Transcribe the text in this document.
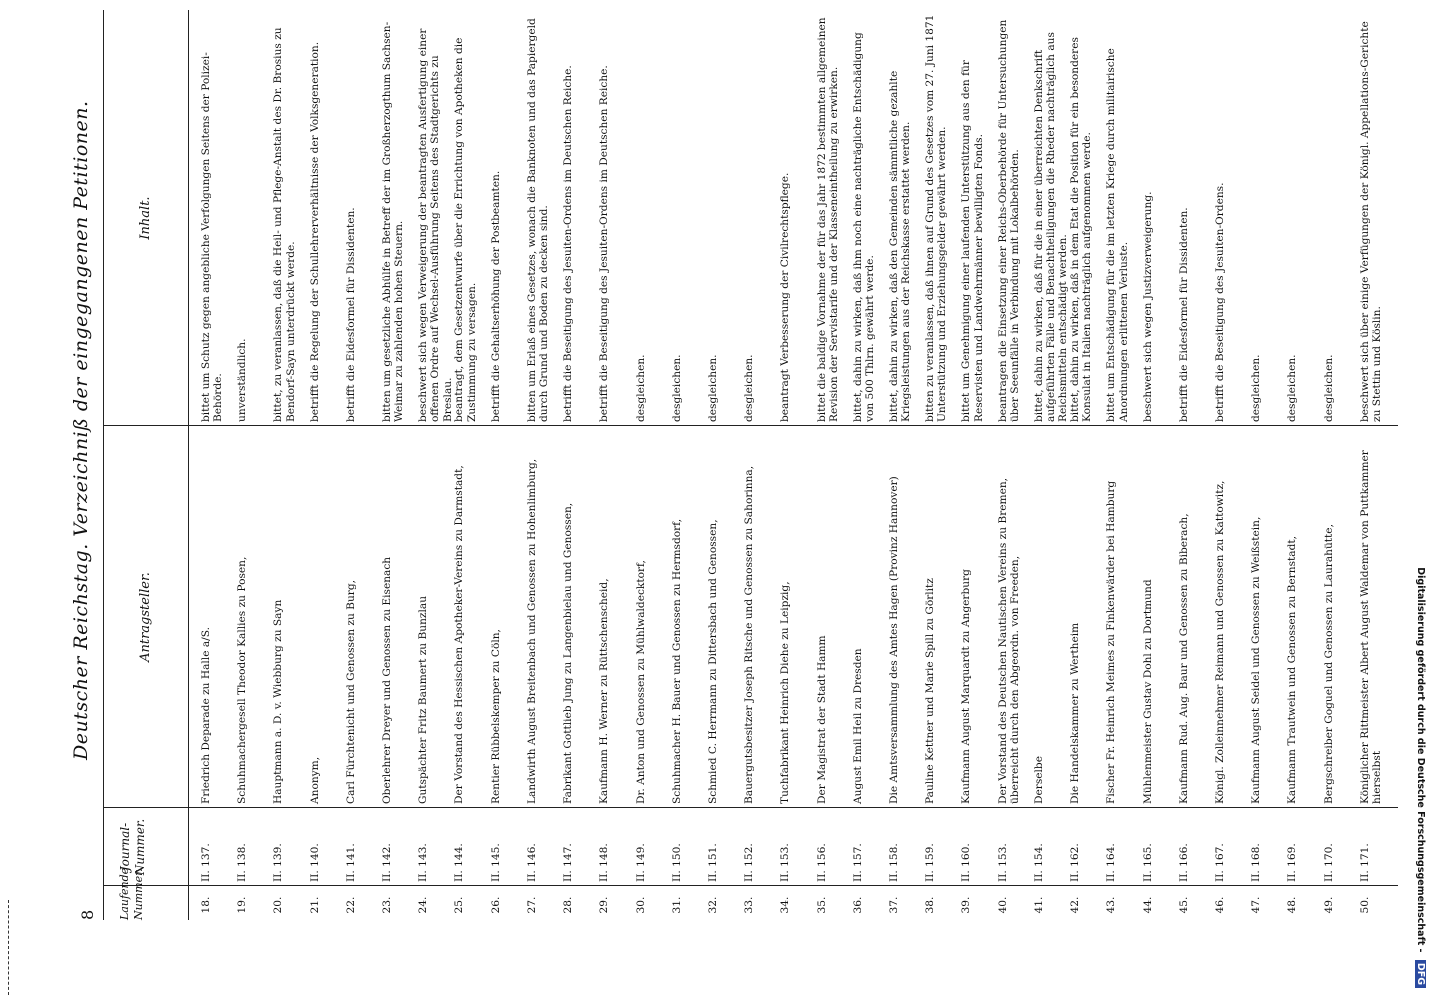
8
Deutscher Reichstag. Verzeichniß der eingegangenen Petitionen.
Laufende Nummer.
Journal-Nummer.
Antragsteller.
Inhalt.
18.
II. 137.
Friedrich Deparade zu Halle a/S.
bittet um Schutz gegen angebliche Verfolgungen Seitens der Polizei-Behörde.
19.
II. 138.
Schuhmachergesell Theodor Kallies zu Posen,
unverständlich.
20.
II. 139.
Hauptmann a. D. v. Wiebburg zu Sayn
bittet, zu veranlassen, daß die Heil- und Pflege-Anstalt des Dr. Brosius zu Bendorf-Sayn unterdrückt werde.
21.
II. 140.
Anonym,
betrifft die Regelung der Schullehrerverhältnisse der Volksgeneration.
22.
II. 141.
Carl Fürchtenicht und Genossen zu Burg,
betrifft die Eidesformel für Dissidenten.
23.
II. 142.
Oberlehrer Dreyer und Genossen zu Eisenach
bitten um gesetzliche Abhülfe in Betreff der im Großherzogthum Sachsen-Weimar zu zahlenden hohen Steuern.
24.
II. 143.
Gutspächter Fritz Baumert zu Bunzlau
beschwert sich wegen Verweigerung der beantragten Ausfertigung einer offenen Ordre auf Wechsel-Ausführung Seitens des Stadtgerichts zu Breslau.
25.
II. 144.
Der Vorstand des Hessischen Apotheker-Vereins zu Darmstadt,
beantragt, dem Gesetzentwurfe über die Errichtung von Apotheken die Zustimmung zu versagen.
26.
II. 145.
Rentier Rübbelskemper zu Cöln,
betrifft die Gehaltserhöhung der Postbeamten.
27.
II. 146.
Landwirth August Breitenbach und Genossen zu Hohenlimburg,
bitten um Erlaß eines Gesetzes, wonach die Banknoten und das Papiergeld durch Grund und Boden zu decken sind.
28.
II. 147.
Fabrikant Gottlieb Jung zu Langenbielau und Genossen,
betrifft die Beseitigung des Jesuiten-Ordens im Deutschen Reiche.
29.
II. 148.
Kaufmann H. Werner zu Rüttschenscheid,
betrifft die Beseitigung des Jesuiten-Ordens im Deutschen Reiche.
30.
II. 149.
Dr. Anton und Genossen zu Mühlwaldecktorf,
desgleichen.
31.
II. 150.
Schuhmacher H. Bauer und Genossen zu Hermsdorf,
desgleichen.
32.
II. 151.
Schmied C. Herrmann zu Dittersbach und Genossen,
desgleichen.
33.
II. 152.
Bauergutsbesitzer Joseph Ritsche und Genossen zu Sahorinna,
desgleichen.
34.
II. 153.
Tuchfabrikant Heinrich Diehe zu Leipzig,
beantragt Verbesserung der Civilrechtspflege.
35.
II. 156.
Der Magistrat der Stadt Hamm
bittet die baldige Vornahme der für das Jahr 1872 bestimmten allgemeinen Revision der Servistarife und der Klasseneintheilung zu erwirken.
36.
II. 157.
August Emil Heil zu Dresden
bittet, dahin zu wirken, daß ihm noch eine nachträgliche Entschädigung von 500 Thlrn. gewährt werde.
37.
II. 158.
Die Amtsversammlung des Amtes Hagen (Provinz Hannover)
bittet, dahin zu wirken, daß den Gemeinden sämmtliche gezahlte Kriegsleistungen aus der Reichskasse erstattet werden.
38.
II. 159.
Pauline Kettner und Marie Spill zu Görlitz
bitten zu veranlassen, daß ihnen auf Grund des Gesetzes vom 27. Juni 1871 Unterstützung und Erziehungsgelder gewährt werden.
39.
II. 160.
Kaufmann August Marquardt zu Angerburg
bittet um Genehmigung einer laufenden Unterstützung aus den für Reservisten und Landwehrmänner bewilligten Fonds.
40.
II. 153.
Der Vorstand des Deutschen Nautischen Vereins zu Bremen, überreicht durch den Abgeordn. von Freeden,
beantragen die Einsetzung einer Reichs-Oberbehörde für Untersuchungen über Seeunfälle in Verbindung mit Lokalbehörden.
41.
II. 154.
Derselbe
bittet, dahin zu wirken, daß für die in einer überreichten Denkschrift aufgeführten Fälle und Benachtheiligungen die Rheder nachträglich aus Reichsmitteln entschädigt werden.
42.
II. 162.
Die Handelskammer zu Wertheim
bittet, dahin zu wirken, daß in dem Etat die Position für ein besonderes Konsulat in Italien nachträglich aufgenommen werde.
43.
II. 164.
Fischer Fr. Heinrich Meimes zu Finkenwärder bei Hamburg
bittet um Entschädigung für die im letzten Kriege durch militairische Anordnungen erlittenen Verluste.
44.
II. 165.
Mühlenmeister Gustav Dohl zu Dortmund
beschwert sich wegen Justizverweigerung.
45.
II. 166.
Kaufmann Rud. Aug. Baur und Genossen zu Biberach,
betrifft die Eidesformel für Dissidenten.
46.
II. 167.
Königl. Zolleinnehmer Reimann und Genossen zu Kattowitz,
betrifft die Beseitigung des Jesuiten-Ordens.
47.
II. 168.
Kaufmann August Seidel und Genossen zu Weißstein,
desgleichen.
48.
II. 169.
Kaufmann Trautwein und Genossen zu Bernstadt,
desgleichen.
49.
II. 170.
Bergschreiber Goguel und Genossen zu Laurahütte,
desgleichen.
50.
II. 171.
Königlicher Rittmeister Albert August Waldemar von Puttkammer hierselbst
beschwert sich über einige Verfügungen der Königl. Appellations-Gerichte zu Stettin und Köslin.
Digitalisierung gefördert durch die Deutsche Forschungsgemeinschaft - DFG
